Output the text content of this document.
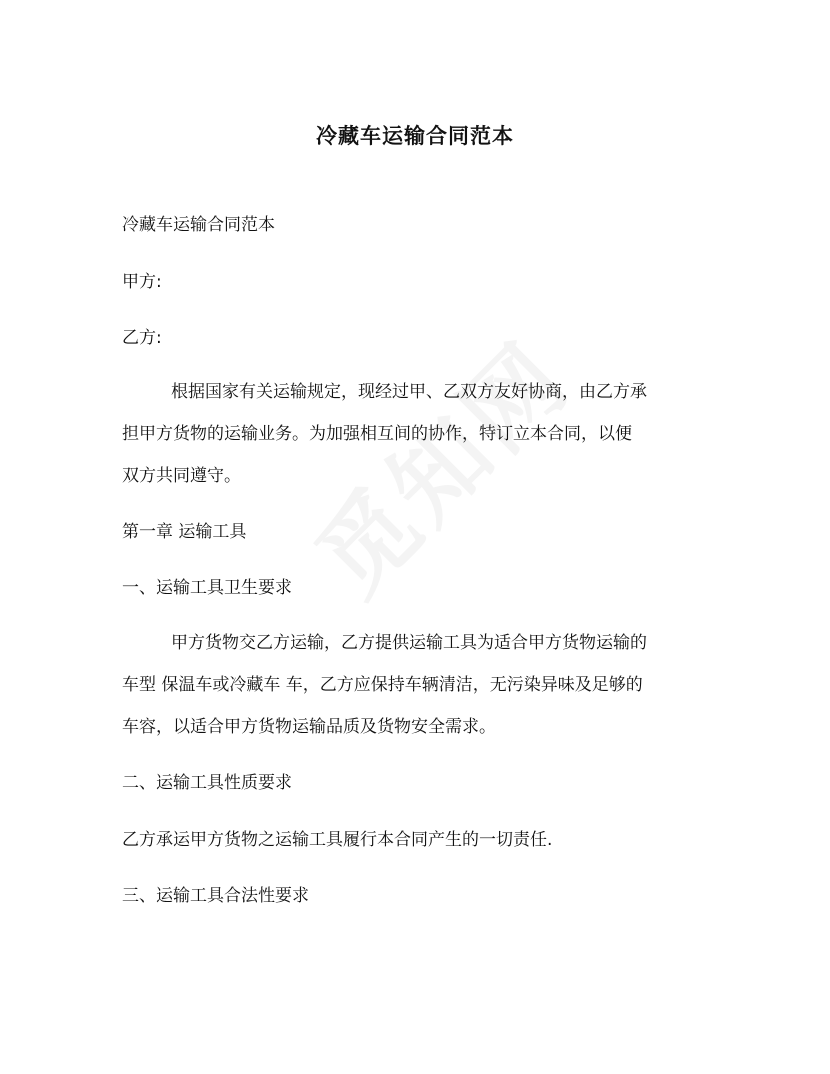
冷藏车运输合同范本
冷藏车运输合同范本
甲方:
乙方:
根据国家有关运输规定，现经过甲、乙双方友好协商，由乙方承
担甲方货物的运输业务。为加强相互间的协作，特订立本合同，以便
双方共同遵守。
第一章 运输工具
一、运输工具卫生要求
甲方货物交乙方运输，乙方提供运输工具为适合甲方货物运输的
车型 保温车或冷藏车 车，乙方应保持车辆清洁，无污染异味及足够的
车容，以适合甲方货物运输品质及货物安全需求。
二、运输工具性质要求
乙方承运甲方货物之运输工具履行本合同产生的一切责任.
三、运输工具合法性要求
